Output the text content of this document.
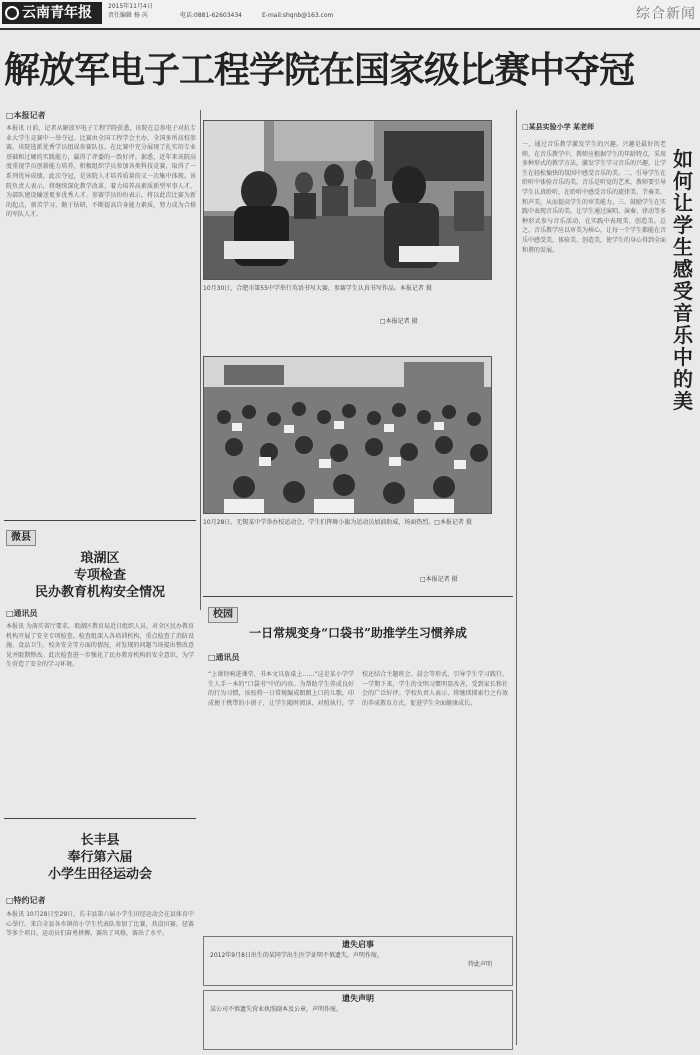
云南青年报	2015年11月4日
责任编辑 杨 芮	电话:0881-62603434	E-mail:shqnb@163.com	综合新闻
解放军电子工程学院在国家级比赛中夺冠
□本报记者
本报讯 日前，记者从解放军电子工程学院获悉，该院在总参电子对抗专业大学生竞赛中一举夺冠。比赛由全国工程学会主办，全国多所高校参赛。该院选派优秀学员组成参赛队伍，在比赛中充分展现了扎实的专业基础和过硬的实践能力，赢得了评委的一致好评。据悉，近年来该院高度重视学员创新能力培养，积极组织学员参加各类科技竞赛，取得了一系列优异成绩。此次夺冠，是该院人才培养质量的又一次集中体现。该院负责人表示，将继续深化教学改革，着力培养高素质新型军事人才，为部队建设输送更多优秀人才。参赛学员纷纷表示，将以此次比赛为新的起点，刻苦学习，勤于钻研，不断提高自身能力素质，努力成为合格的军队人才。
10月30日，合肥市第55中学举行英语书写大赛，参赛学生认真书写作品。本报记者 摄
□本报记者 摄
10月28日，无锡某中学举办校运动会，学生们挥舞小旗为运动员加油助威，场面热烈。□本报记者 摄
□本报记者 摄
微县
琅湖区
专项检查
民办教育机构安全情况
□通讯员
本报讯 为落实省厅要求，琅湖区教育局近日组织人员，对全区民办教育机构开展了安全专项检查。检查组深入各培训机构，重点检查了消防设施、食品卫生、校舍安全等方面的情况，对发现的问题当场提出整改意见并限期整改。此次检查进一步强化了民办教育机构的安全意识，为学生营造了安全的学习环境。
长丰县
奉行第六届
小学生田径运动会
□特约记者
本报讯 10月28日至29日，长丰县第六届小学生田径运动会在县体育中心举行。来自全县各乡镇的小学生代表队参加了比赛，共设田赛、径赛等多个项目。运动员们奋勇拼搏，赛出了风格，赛出了水平。
校园
一日常规变身“口袋书”助推学生习惯养成
□通讯员
“上课铃响进课堂，书本文具放桌上……”这是某小学学生人手一本的“口袋书”中的内容。为帮助学生养成良好的行为习惯，该校将一日常规编成朗朗上口的儿歌，印成便于携带的小册子，让学生随时阅读、对照执行。学校还结合主题班会、晨会等形式，引导学生学习践行。一学期下来，学生的文明习惯明显改善，受到家长和社会的广泛好评。学校负责人表示，将继续探索行之有效的养成教育方式，促进学生全面健康成长。
遗失启事
2012年9月8日出生的某同学出生医学证明不慎遗失，声明作废。
特此声明
遗失声明
某公司不慎遗失营业执照副本及公章，声明作废。
□某县实验小学 某老师
如何让学生感受音乐中的美
一、通过音乐教学激发学生的兴趣。兴趣是最好的老师，在音乐教学中，教师应根据学生的年龄特点，采用多种形式的教学方法，激发学生学习音乐的兴趣，让学生在轻松愉快的氛围中感受音乐的美。二、引导学生在聆听中体验音乐的美。音乐是听觉的艺术，教师要引导学生认真聆听，在聆听中感受音乐的旋律美、节奏美、和声美，从而提高学生的审美能力。三、鼓励学生在实践中表现音乐的美。让学生通过演唱、演奏、律动等多种形式参与音乐活动，在实践中表现美、创造美。总之，音乐教学应以审美为核心，让每一个学生都能在音乐中感受美、体验美、创造美，使学生的身心得到全面和谐的发展。
